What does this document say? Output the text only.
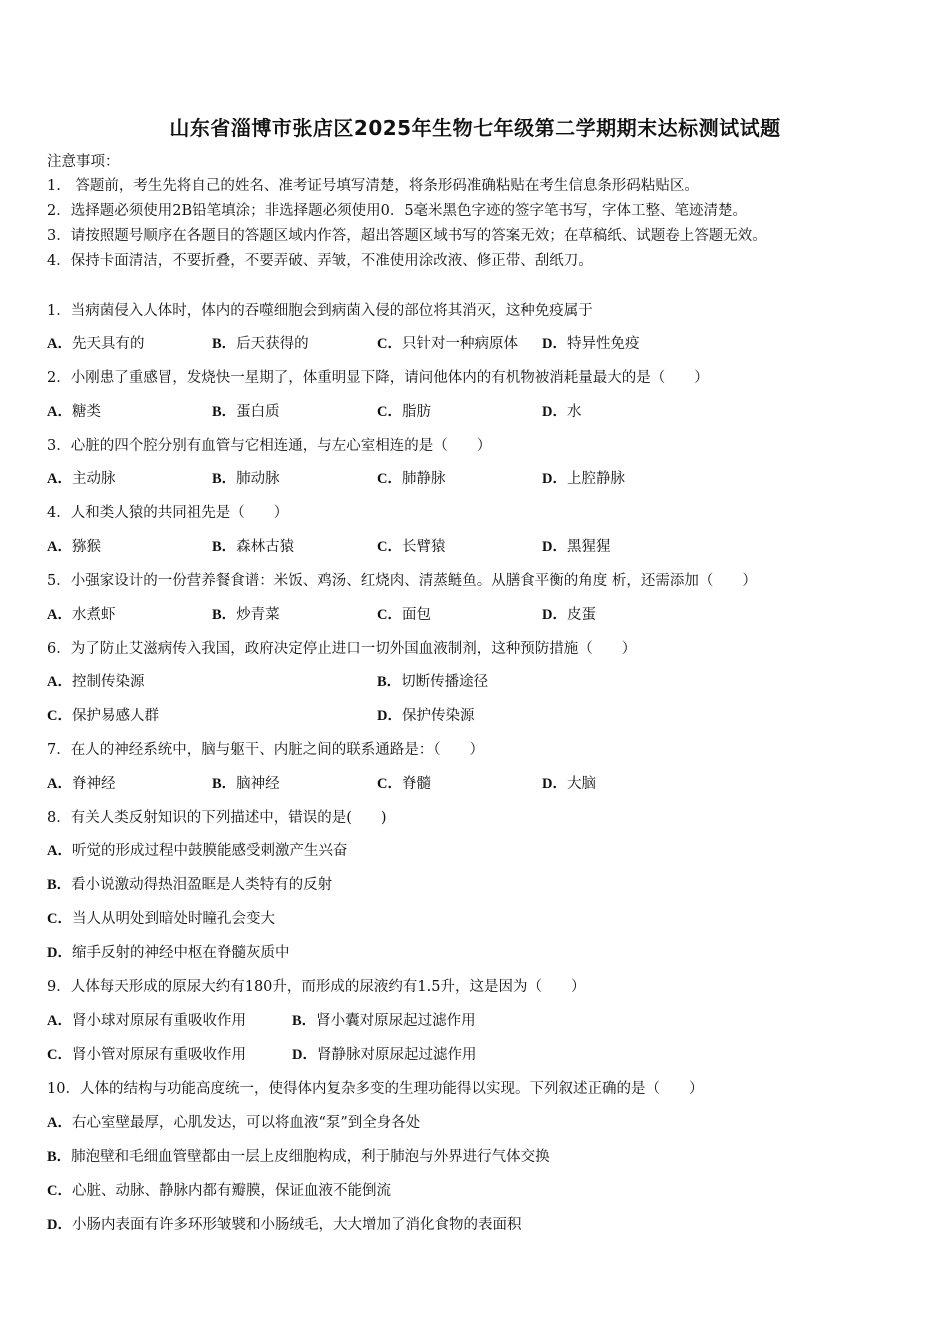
山东省淄博市张店区2025年生物七年级第二学期期末达标测试试题
注意事项：
1.　答题前，考生先将自己的姓名、准考证号填写清楚，将条形码准确粘贴在考生信息条形码粘贴区。
2．选择题必须使用2B铅笔填涂；非选择题必须使用0．5毫米黑色字迹的签字笔书写，字体工整、笔迹清楚。
3．请按照题号顺序在各题目的答题区域内作答，超出答题区域书写的答案无效；在草稿纸、试题卷上答题无效。
4．保持卡面清洁，不要折叠，不要弄破、弄皱，不准使用涂改液、修正带、刮纸刀。
1．当病菌侵入人体时，体内的吞噬细胞会到病菌入侵的部位将其消灭，这种免疫属于
A．先天具有的	B．后天获得的	C．只针对一种病原体 D．特异性免疫
2．小刚患了重感冒，发烧快一星期了，体重明显下降，请问他体内的有机物被消耗量最大的是（　　）
A．糖类	B．蛋白质	C．脂肪	D．水
3．心脏的四个腔分别有血管与它相连通，与左心室相连的是（　　）
A．主动脉	B．肺动脉	C．肺静脉	D．上腔静脉
4．人和类人猿的共同祖先是（　　）
A．猕猴	B．森林古猿	C．长臂猿	D．黑猩猩
5．小强家设计的一份营养餐食谱：米饭、鸡汤、红烧肉、清蒸鲢鱼。从膳食平衡的角度 析，还需添加（　　）
A．水煮虾	B．炒青菜	C．面包	D．皮蛋
6．为了防止艾滋病传入我国，政府决定停止进口一切外国血液制剂，这种预防措施（　　）
A．控制传染源	B．切断传播途径
C．保护易感人群	D．保护传染源
7．在人的神经系统中，脑与躯干、内脏之间的联系通路是：（　　）
A．脊神经	B．脑神经	C．脊髓	D．大脑
8．有关人类反射知识的下列描述中，错误的是(　　)
A．听觉的形成过程中鼓膜能感受刺激产生兴奋
B．看小说激动得热泪盈眶是人类特有的反射
C．当人从明处到暗处时瞳孔会变大
D．缩手反射的神经中枢在脊髓灰质中
9．人体每天形成的原尿大约有180升，而形成的尿液约有1.5升，这是因为（　　）
A．肾小球对原尿有重吸收作用	B．肾小囊对原尿起过滤作用
C．肾小管对原尿有重吸收作用	D．肾静脉对原尿起过滤作用
10．人体的结构与功能高度统一，使得体内复杂多变的生理功能得以实现。下列叙述正确的是（　　）
A．右心室壁最厚，心肌发达，可以将血液“泵”到全身各处
B．肺泡壁和毛细血管壁都由一层上皮细胞构成，利于肺泡与外界进行气体交换
C．心脏、动脉、静脉内都有瓣膜，保证血液不能倒流
D．小肠内表面有许多环形皱襞和小肠绒毛，大大增加了消化食物的表面积
